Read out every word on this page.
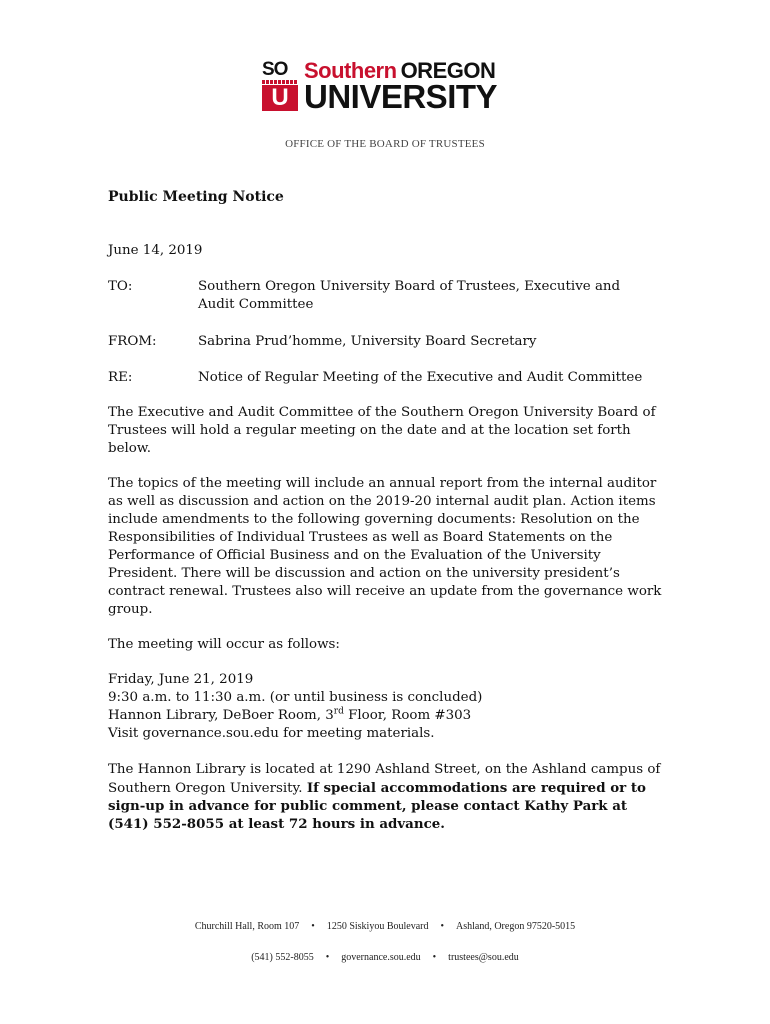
SO
U
Southern OREGON
UNIVERSITY
OFFICE OF THE BOARD OF TRUSTEES
Public Meeting Notice
June 14, 2019
TO:	Southern Oregon University Board of Trustees, Executive and
Audit Committee
FROM:	Sabrina Prud’homme, University Board Secretary
RE:	Notice of Regular Meeting of the Executive and Audit Committee
The Executive and Audit Committee of the Southern Oregon University Board of
Trustees will hold a regular meeting on the date and at the location set forth
below.
The topics of the meeting will include an annual report from the internal auditor
as well as discussion and action on the 2019-20 internal audit plan. Action items
include amendments to the following governing documents: Resolution on the
Responsibilities of Individual Trustees as well as Board Statements on the
Performance of Official Business and on the Evaluation of the University
President. There will be discussion and action on the university president’s
contract renewal. Trustees also will receive an update from the governance work
group.
The meeting will occur as follows:
Friday, June 21, 2019
9:30 a.m. to 11:30 a.m. (or until business is concluded)
Hannon Library, DeBoer Room, 3rd Floor, Room #303
Visit governance.sou.edu for meeting materials.
The Hannon Library is located at 1290 Ashland Street, on the Ashland campus of
Southern Oregon University. If special accommodations are required or to
sign-up in advance for public comment, please contact Kathy Park at
(541) 552-8055 at least 72 hours in advance.
Churchill Hall, Room 107 • 1250 Siskiyou Boulevard • Ashland, Oregon 97520-5015
(541) 552-8055 • governance.sou.edu • trustees@sou.edu
